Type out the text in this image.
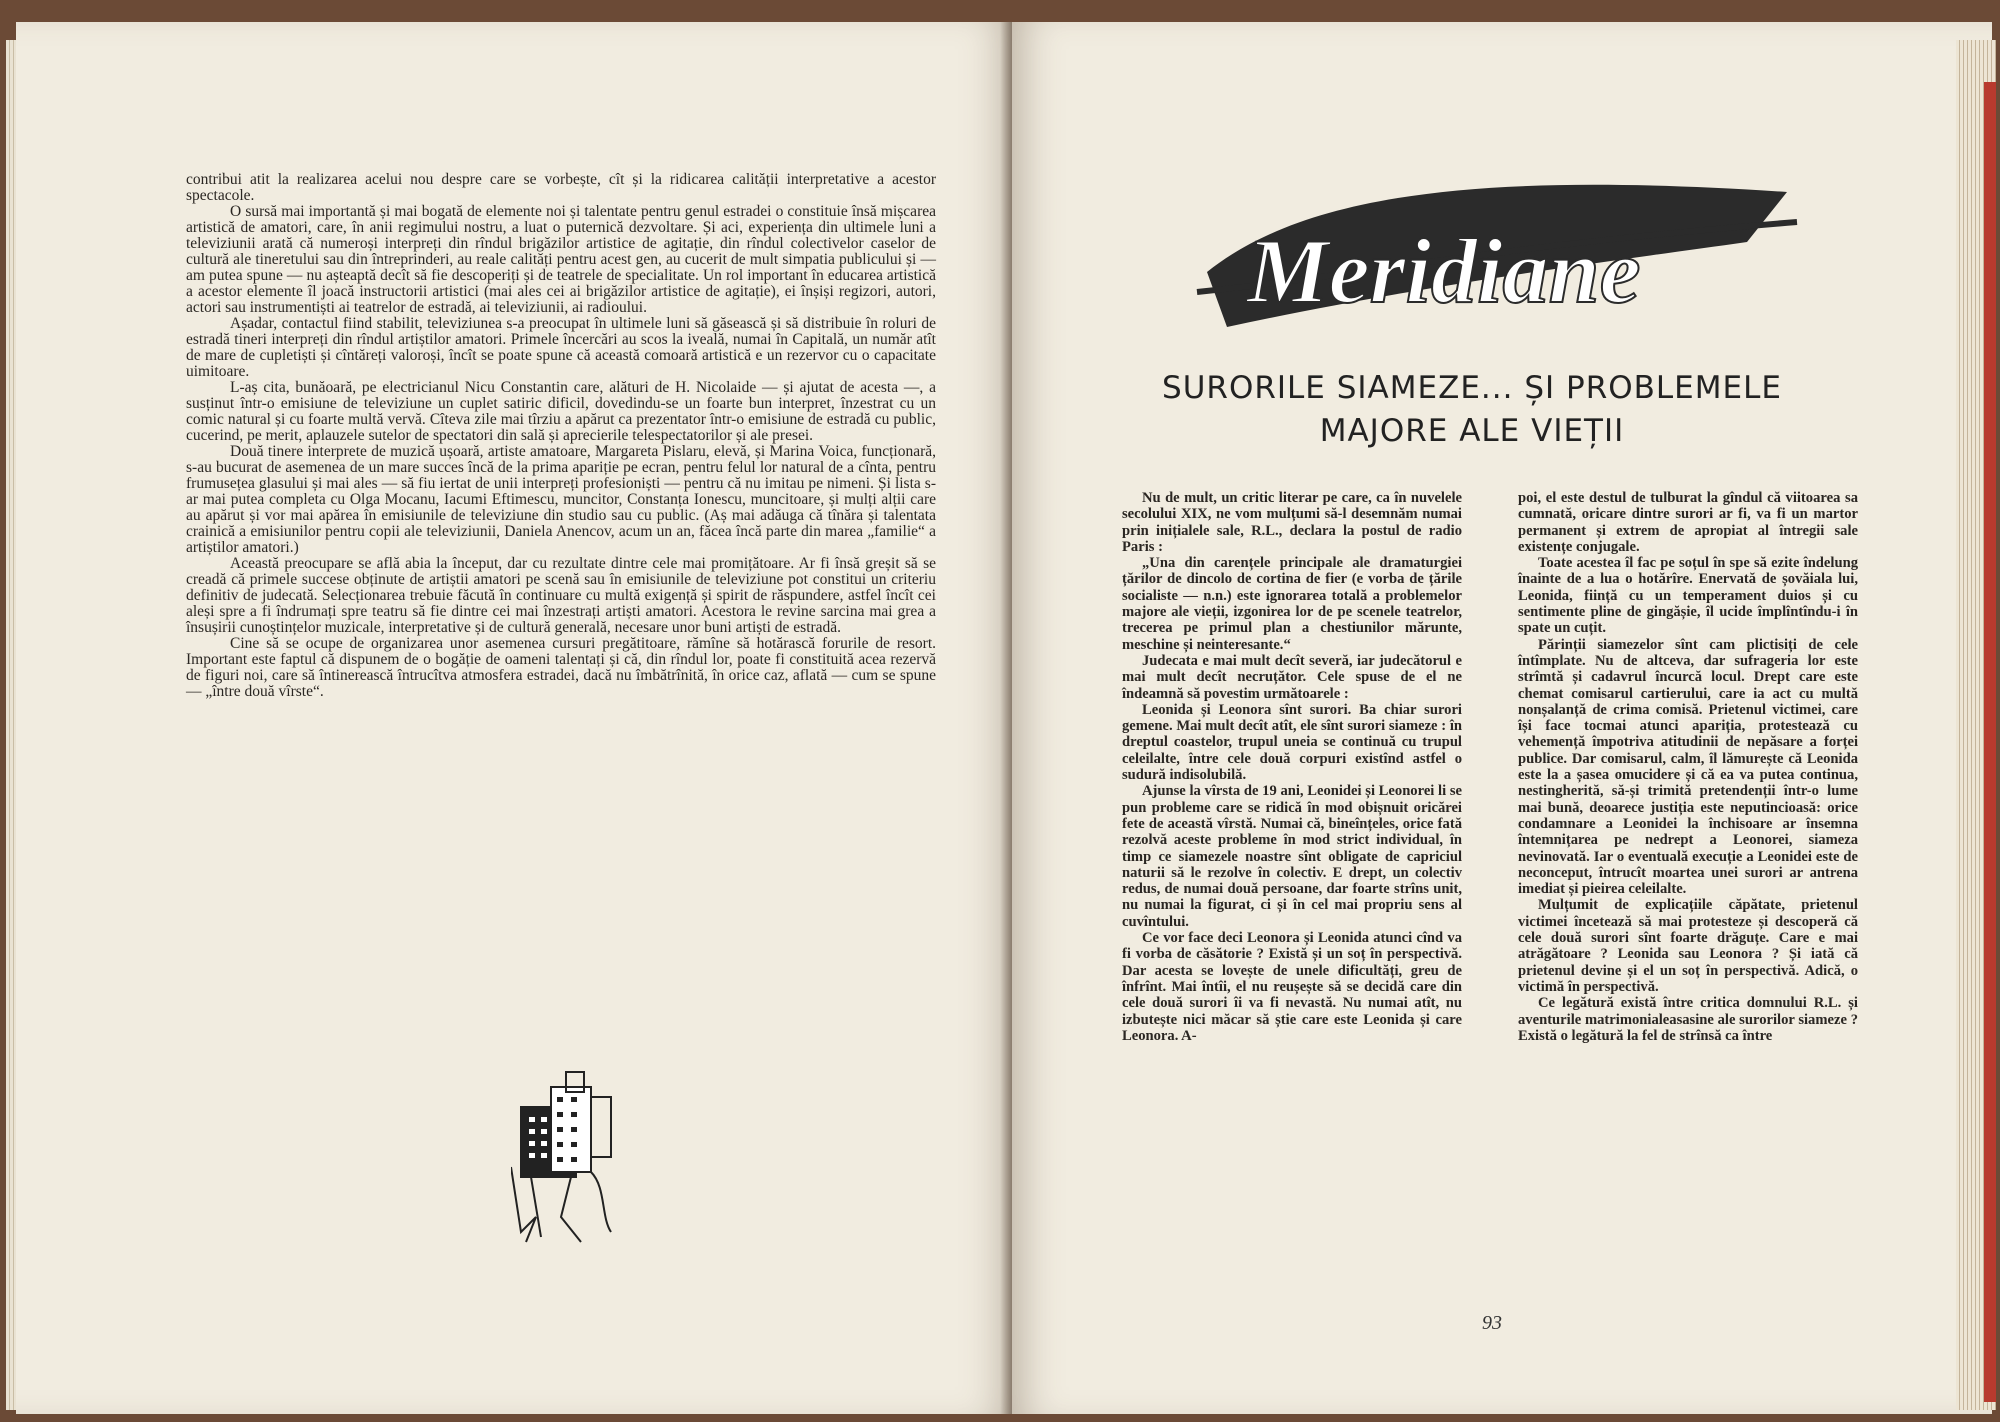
contribui atit la realizarea acelui nou despre care se vorbește, cît și la ridicarea calității interpretative a acestor spectacole.

O sursă mai importantă și mai bogată de elemente noi și talentate pentru genul estradei o constituie însă mișcarea artistică de amatori, care, în anii regimului nostru, a luat o puternică dezvoltare. Și aci, experiența din ultimele luni a televiziunii arată că numeroși interpreți din rîndul brigăzilor artistice de agitație, din rîndul colectivelor caselor de cultură ale tineretului sau din întreprinderi, au reale calități pentru acest gen, au cucerit de mult simpatia publicului și — am putea spune — nu așteaptă decît să fie descoperiți și de teatrele de specialitate. Un rol important în educarea artistică a acestor elemente îl joacă instructorii artistici (mai ales cei ai brigăzilor artistice de agitație), ei înșiși regizori, autori, actori sau instrumentiști ai teatrelor de estradă, ai televiziunii, ai radioului.

Așadar, contactul fiind stabilit, televiziunea s-a preocupat în ultimele luni să găsească și să distribuie în roluri de estradă tineri interpreți din rîndul artiștilor amatori. Primele încercări au scos la iveală, numai în Capitală, un număr atît de mare de cupletiști și cîntăreți valoroși, încît se poate spune că această comoară artistică e un rezervor cu o capacitate uimitoare.

L-aș cita, bunăoară, pe electricianul Nicu Constantin care, alături de H. Nicolaide — și ajutat de acesta —, a susținut într-o emisiune de televiziune un cuplet satiric dificil, dovedindu-se un foarte bun interpret, înzestrat cu un comic natural și cu foarte multă vervă. Cîteva zile mai tîrziu a apărut ca prezentator într-o emisiune de estradă cu public, cucerind, pe merit, aplauzele sutelor de spectatori din sală și aprecierile telespectatorilor și ale presei.

Două tinere interprete de muzică ușoară, artiste amatoare, Margareta Pislaru, elevă, și Marina Voica, funcționară, s-au bucurat de asemenea de un mare succes încă de la prima apariție pe ecran, pentru felul lor natural de a cînta, pentru frumusețea glasului și mai ales — să fiu iertat de unii interpreți profesioniști — pentru că nu imitau pe nimeni. Și lista s-ar mai putea completa cu Olga Mocanu, Iacumi Eftimescu, muncitor, Constanța Ionescu, muncitoare, și mulți alții care au apărut și vor mai apărea în emisiunile de televiziune din studio sau cu public. (Aș mai adăuga că tînăra și talentata crainică a emisiunilor pentru copii ale televiziunii, Daniela Anencov, acum un an, făcea încă parte din marea „familie“ a artiștilor amatori.)

Această preocupare se află abia la început, dar cu rezultate dintre cele mai promițătoare. Ar fi însă greșit să se creadă că primele succese obținute de artiștii amatori pe scenă sau în emisiunile de televiziune pot constitui un criteriu definitiv de judecată. Selecționarea trebuie făcută în continuare cu multă exigență și spirit de răspundere, astfel încît cei aleși spre a fi îndrumați spre teatru să fie dintre cei mai înzestrați artiști amatori. Acestora le revine sarcina mai grea a însușirii cunoștințelor muzicale, interpretative și de cultură generală, necesare unor buni artiști de estradă.

Cine să se ocupe de organizarea unor asemenea cursuri pregătitoare, rămîne să hotărască forurile de resort. Important este faptul că dispunem de o bogăție de oameni talentați și că, din rîndul lor, poate fi constituită acea rezervă de figuri noi, care să întinerească întrucîtva atmosfera estradei, dacă nu îmbătrînită, în orice caz, aflată — cum se spune — „între două vîrste“.

Meridiane
SURORILE SIAMEZE... ȘI PROBLEMELE
MAJORE ALE VIEȚII

Nu de mult, un critic literar pe care, ca în nuvelele secolului XIX, ne vom mulțumi să-l desemnăm numai prin inițialele sale, R.L., declara la postul de radio Paris :

„Una din carențele principale ale dramaturgiei țărilor de dincolo de cortina de fier (e vorba de țările socialiste — n.n.) este ignorarea totală a problemelor majore ale vieții, izgonirea lor de pe scenele teatrelor, trecerea pe primul plan a chestiunilor mărunte, meschine și neinteresante.“

Judecata e mai mult decît severă, iar judecătorul e mai mult decît necruțător. Cele spuse de el ne îndeamnă să povestim următoarele :

Leonida și Leonora sînt surori. Ba chiar surori gemene. Mai mult decît atît, ele sînt surori siameze : în dreptul coastelor, trupul uneia se continuă cu trupul celeilalte, între cele două corpuri existînd astfel o sudură indisolubilă.

Ajunse la vîrsta de 19 ani, Leonidei și Leonorei li se pun probleme care se ridică în mod obișnuit oricărei fete de această vîrstă. Numai că, bineînțeles, orice fată rezolvă aceste probleme în mod strict individual, în timp ce siamezele noastre sînt obligate de capriciul naturii să le rezolve în colectiv. E drept, un colectiv redus, de numai două persoane, dar foarte strîns unit, nu numai la figurat, ci și în cel mai propriu sens al cuvîntului.

Ce vor face deci Leonora și Leonida atunci cînd va fi vorba de căsătorie ? Există și un soț în perspectivă. Dar acesta se lovește de unele dificultăți, greu de înfrînt. Mai întîi, el nu reușește să se decidă care din cele două surori îi va fi nevastă. Nu numai atît, nu izbutește nici măcar să știe care este Leonida și care Leonora. A-

poi, el este destul de tulburat la gîndul că viitoarea sa cumnată, oricare dintre surori ar fi, va fi un martor permanent și extrem de apropiat al întregii sale existențe conjugale.

Toate acestea îl fac pe soțul în spe să ezite îndelung înainte de a lua o hotărîre. Enervată de șovăiala lui, Leonida, ființă cu un temperament duios și cu sentimente pline de gingășie, îl ucide împlîntîndu-i în spate un cuțit.

Părinții siamezelor sînt cam plictisiți de cele întîmplate. Nu de altceva, dar sufrageria lor este strîmtă și cadavrul încurcă locul. Drept care este chemat comisarul cartierului, care ia act cu multă nonșalanță de crima comisă. Prietenul victimei, care își face tocmai atunci apariția, protestează cu vehemență împotriva atitudinii de nepăsare a forței publice. Dar comisarul, calm, îl lămurește că Leonida este la a șasea omucidere și că ea va putea continua, nestingherită, să-și trimită pretendenții într-o lume mai bună, deoarece justiția este neputincioasă: orice condamnare a Leonidei la închisoare ar însemna întemnițarea pe nedrept a Leonorei, siameza nevinovată. Iar o eventuală execuție a Leonidei este de neconceput, întrucît moartea unei surori ar antrena imediat și pieirea celeilalte.

Mulțumit de explicațiile căpătate, prietenul victimei încetează să mai protesteze și descoperă că cele două surori sînt foarte drăguțe. Care e mai atrăgătoare ? Leonida sau Leonora ? Și iată că prietenul devine și el un soț în perspectivă. Adică, o victimă în perspectivă.

Ce legătură există între critica domnului R.L. și aventurile matrimonialeasasine ale surorilor siameze ? Există o legătură la fel de strînsă ca între

93
